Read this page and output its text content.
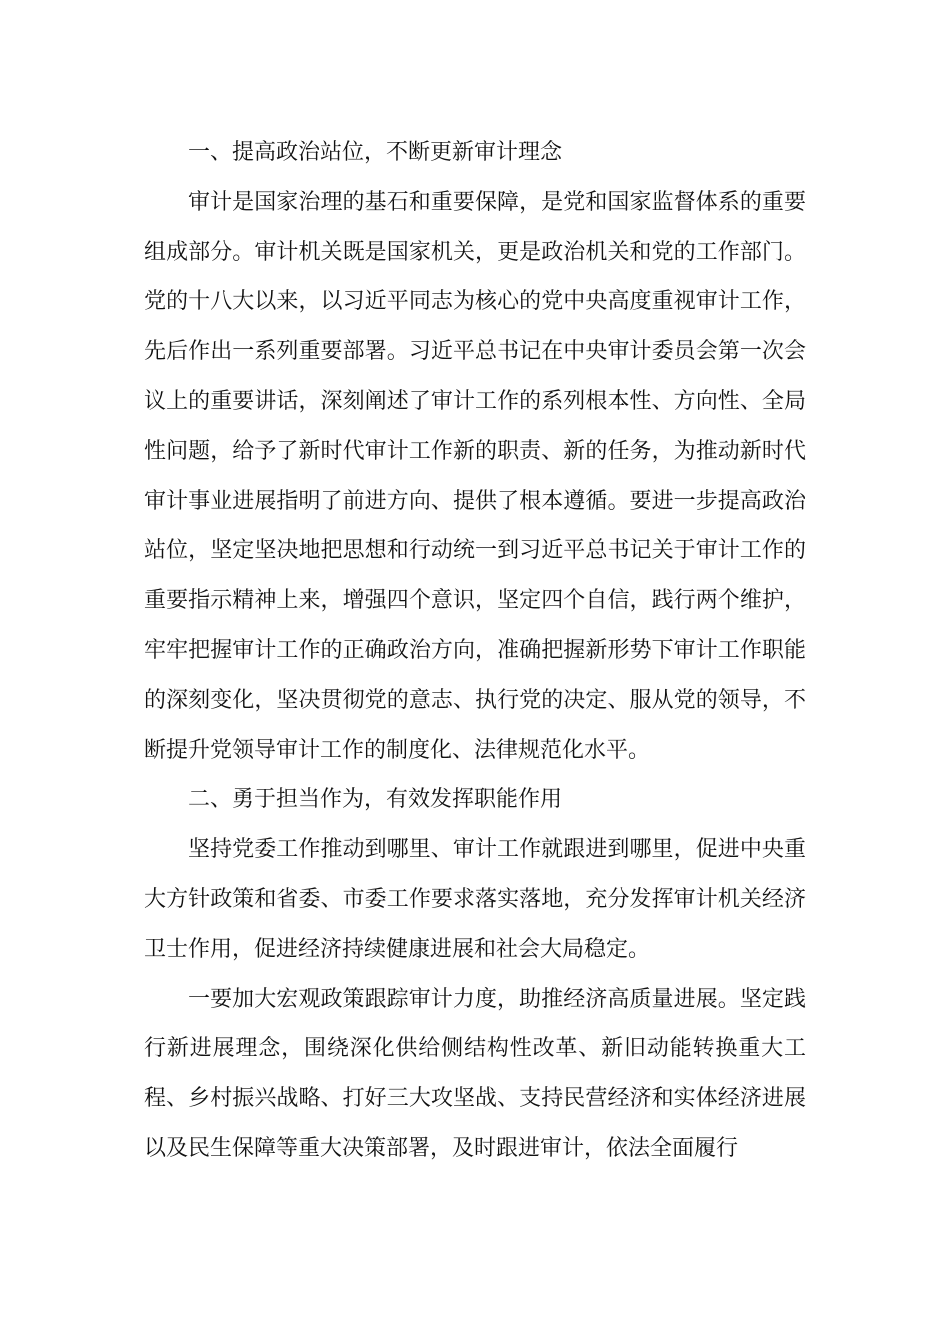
一、提高政治站位，不断更新审计理念

审计是国家治理的基石和重要保障，是党和国家监督体系的重要组成部分。审计机关既是国家机关，更是政治机关和党的工作部门。党的十八大以来，以习近平同志为核心的党中央高度重视审计工作，先后作出一系列重要部署。习近平总书记在中央审计委员会第一次会议上的重要讲话，深刻阐述了审计工作的系列根本性、方向性、全局性问题，给予了新时代审计工作新的职责、新的任务，为推动新时代审计事业进展指明了前进方向、提供了根本遵循。要进一步提高政治站位，坚定坚决地把思想和行动统一到习近平总书记关于审计工作的重要指示精神上来，增强四个意识，坚定四个自信，践行两个维护，牢牢把握审计工作的正确政治方向，准确把握新形势下审计工作职能的深刻变化，坚决贯彻党的意志、执行党的决定、服从党的领导，不断提升党领导审计工作的制度化、法律规范化水平。

二、勇于担当作为，有效发挥职能作用

坚持党委工作推动到哪里、审计工作就跟进到哪里，促进中央重大方针政策和省委、市委工作要求落实落地，充分发挥审计机关经济卫士作用，促进经济持续健康进展和社会大局稳定。

一要加大宏观政策跟踪审计力度，助推经济高质量进展。坚定践行新进展理念，围绕深化供给侧结构性改革、新旧动能转换重大工程、乡村振兴战略、打好三大攻坚战、支持民营经济和实体经济进展以及民生保障等重大决策部署，及时跟进审计，依法全面履行
